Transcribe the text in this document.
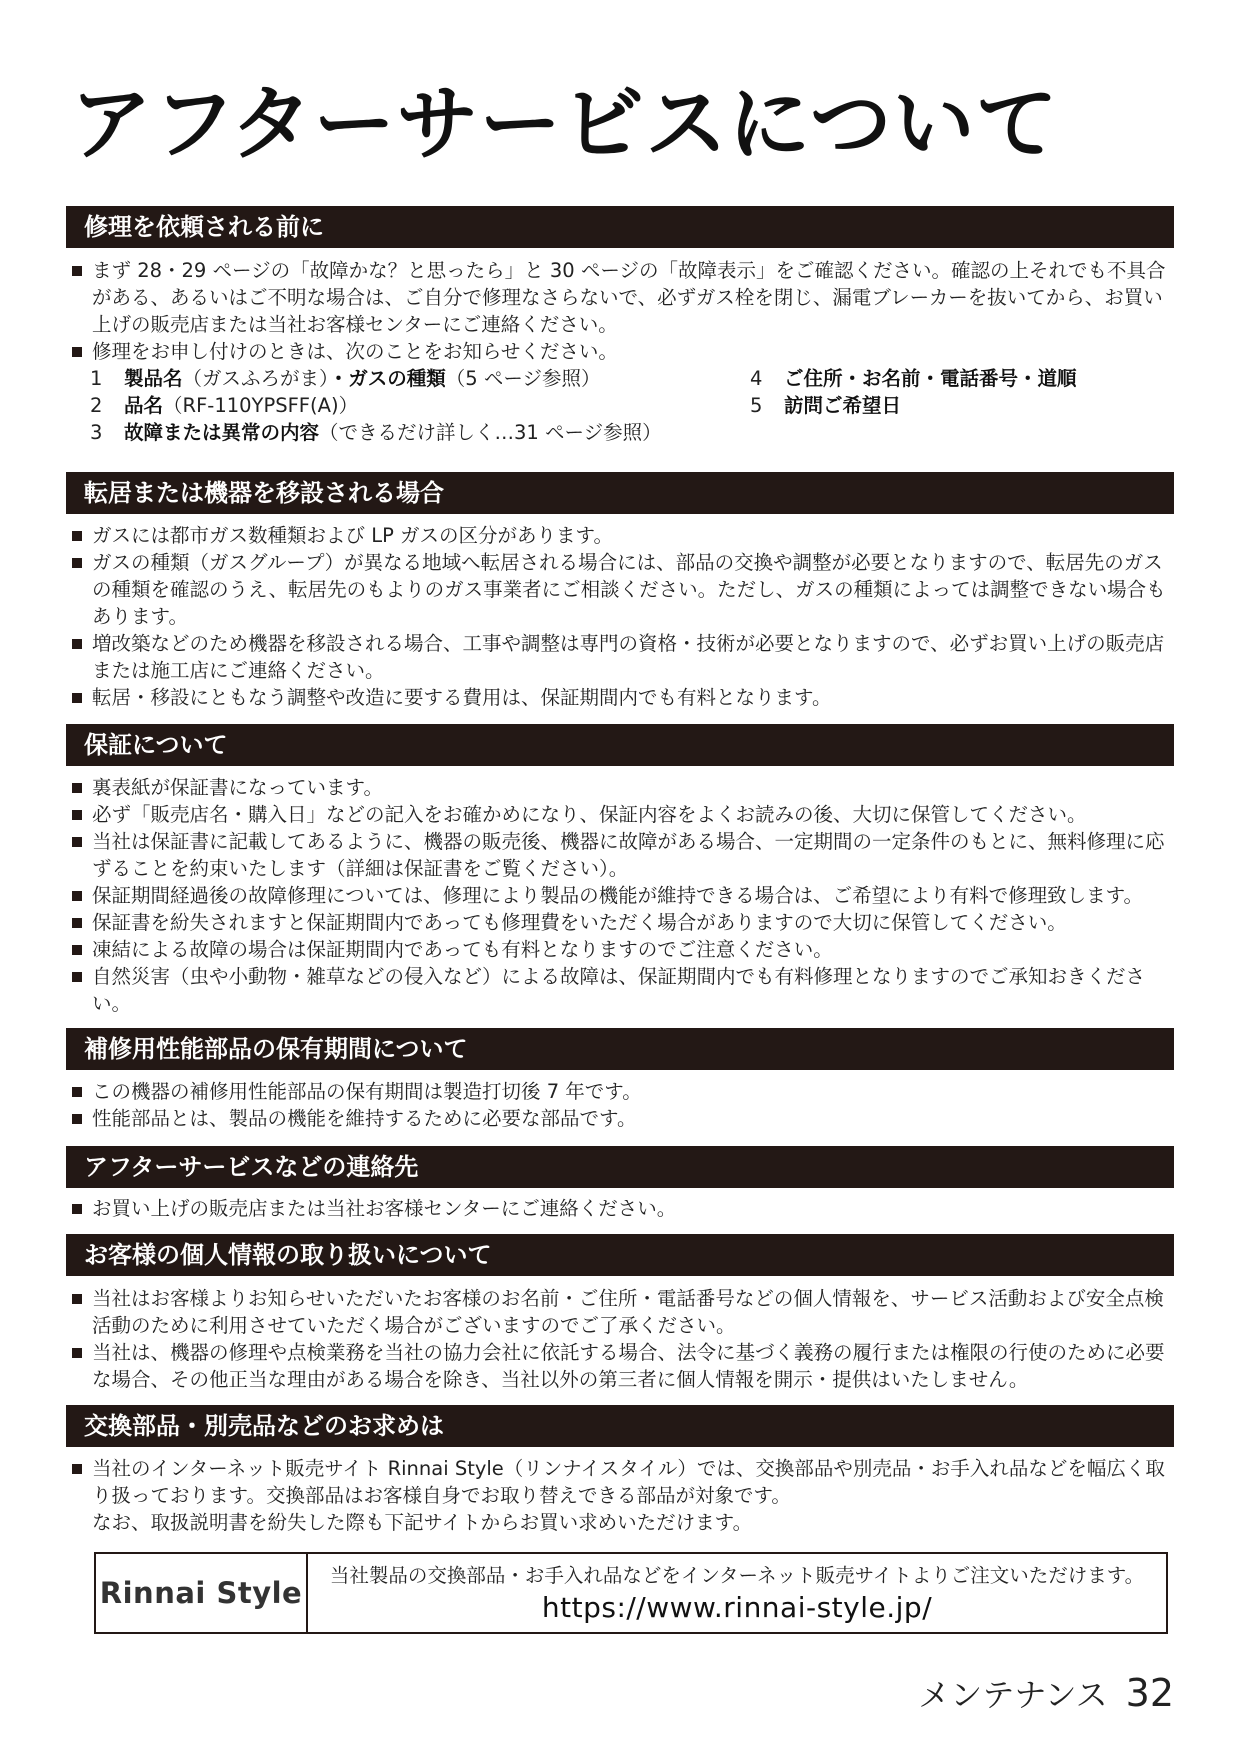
アフターサービスについて
修理を依頼される前に
まず 28・29 ページの「故障かな？と思ったら」と 30 ページの「故障表示」をご確認ください。確認の上それでも不具合がある、あるいはご不明な場合は、ご自分で修理なさらないで、必ずガス栓を閉じ、漏電ブレーカーを抜いてから、お買い上げの販売店または当社お客様センターにご連絡ください。
修理をお申し付けのときは、次のことをお知らせください。
1 製品名（ガスふろがま）・ガスの種類（5 ページ参照）
2 品名（RF-110YPSFF(A)）
3 故障または異常の内容（できるだけ詳しく…31 ページ参照）
4 ご住所・お名前・電話番号・道順
5 訪問ご希望日
転居または機器を移設される場合
ガスには都市ガス数種類および LP ガスの区分があります。
ガスの種類（ガスグループ）が異なる地域へ転居される場合には、部品の交換や調整が必要となりますので、転居先のガスの種類を確認のうえ、転居先のもよりのガス事業者にご相談ください。ただし、ガスの種類によっては調整できない場合もあります。
増改築などのため機器を移設される場合、工事や調整は専門の資格・技術が必要となりますので、必ずお買い上げの販売店または施工店にご連絡ください。
転居・移設にともなう調整や改造に要する費用は、保証期間内でも有料となります。
保証について
裏表紙が保証書になっています。
必ず「販売店名・購入日」などの記入をお確かめになり、保証内容をよくお読みの後、大切に保管してください。
当社は保証書に記載してあるように、機器の販売後、機器に故障がある場合、一定期間の一定条件のもとに、無料修理に応ずることを約束いたします（詳細は保証書をご覧ください）。
保証期間経過後の故障修理については、修理により製品の機能が維持できる場合は、ご希望により有料で修理致します。
保証書を紛失されますと保証期間内であっても修理費をいただく場合がありますので大切に保管してください。
凍結による故障の場合は保証期間内であっても有料となりますのでご注意ください。
自然災害（虫や小動物・雑草などの侵入など）による故障は、保証期間内でも有料修理となりますのでご承知おきください。
補修用性能部品の保有期間について
この機器の補修用性能部品の保有期間は製造打切後 7 年です。
性能部品とは、製品の機能を維持するために必要な部品です。
アフターサービスなどの連絡先
お買い上げの販売店または当社お客様センターにご連絡ください。
お客様の個人情報の取り扱いについて
当社はお客様よりお知らせいただいたお客様のお名前・ご住所・電話番号などの個人情報を、サービス活動および安全点検活動のために利用させていただく場合がございますのでご了承ください。
当社は、機器の修理や点検業務を当社の協力会社に依託する場合、法令に基づく義務の履行または権限の行使のために必要な場合、その他正当な理由がある場合を除き、当社以外の第三者に個人情報を開示・提供はいたしません。
交換部品・別売品などのお求めは
当社のインターネット販売サイト Rinnai Style（リンナイスタイル）では、交換部品や別売品・お手入れ品などを幅広く取り扱っております。交換部品はお客様自身でお取り替えできる部品が対象です。
なお、取扱説明書を紛失した際も下記サイトからお買い求めいただけます。
Rinnai Style
当社製品の交換部品・お手入れ品などをインターネット販売サイトよりご注文いただけます。
https://www.rinnai-style.jp/
メンテナンス 32
